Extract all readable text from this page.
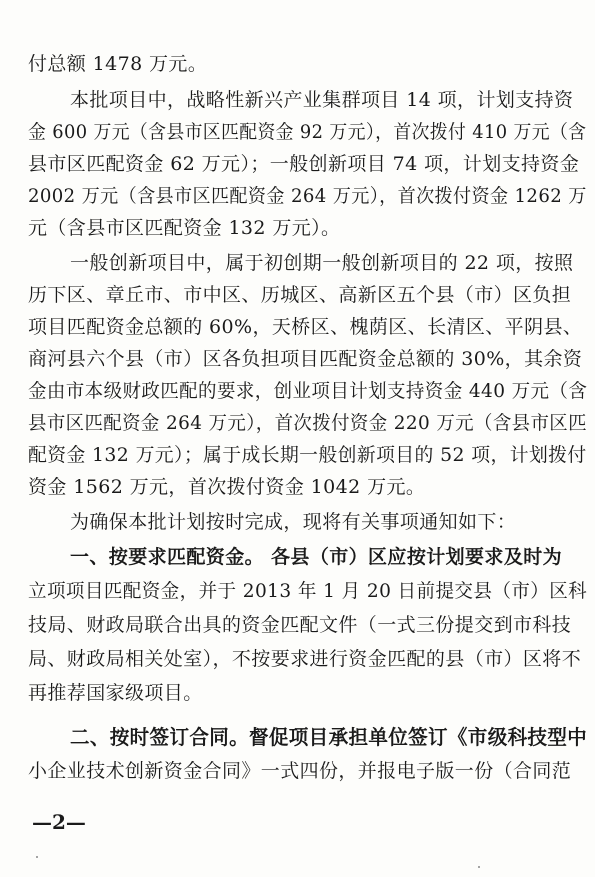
付总额 1478 万元。
本批项目中，战略性新兴产业集群项目 14 项，计划支持资
金 600 万元（含县市区匹配资金 92 万元），首次拨付 410 万元（含
县市区匹配资金 62 万元）；一般创新项目 74 项，计划支持资金
2002 万元（含县市区匹配资金 264 万元），首次拨付资金 1262 万
元（含县市区匹配资金 132 万元）。
一般创新项目中，属于初创期一般创新项目的 22 项，按照
历下区、章丘市、市中区、历城区、高新区五个县（市）区负担
项目匹配资金总额的 60%，天桥区、槐荫区、长清区、平阴县、
商河县六个县（市）区各负担项目匹配资金总额的 30%，其余资
金由市本级财政匹配的要求，创业项目计划支持资金 440 万元（含
县市区匹配资金 264 万元），首次拨付资金 220 万元（含县市区匹
配资金 132 万元）；属于成长期一般创新项目的 52 项，计划拨付
资金 1562 万元，首次拨付资金 1042 万元。
为确保本批计划按时完成，现将有关事项通知如下：
一、按要求匹配资金。 各县（市）区应按计划要求及时为
立项项目匹配资金，并于 2013 年 1 月 20 日前提交县（市）区科
技局、财政局联合出具的资金匹配文件（一式三份提交到市科技
局、财政局相关处室），不按要求进行资金匹配的县（市）区将不
再推荐国家级项目。
二、按时签订合同。督促项目承担单位签订《市级科技型中
小企业技术创新资金合同》一式四份，并报电子版一份（合同范
—2—
